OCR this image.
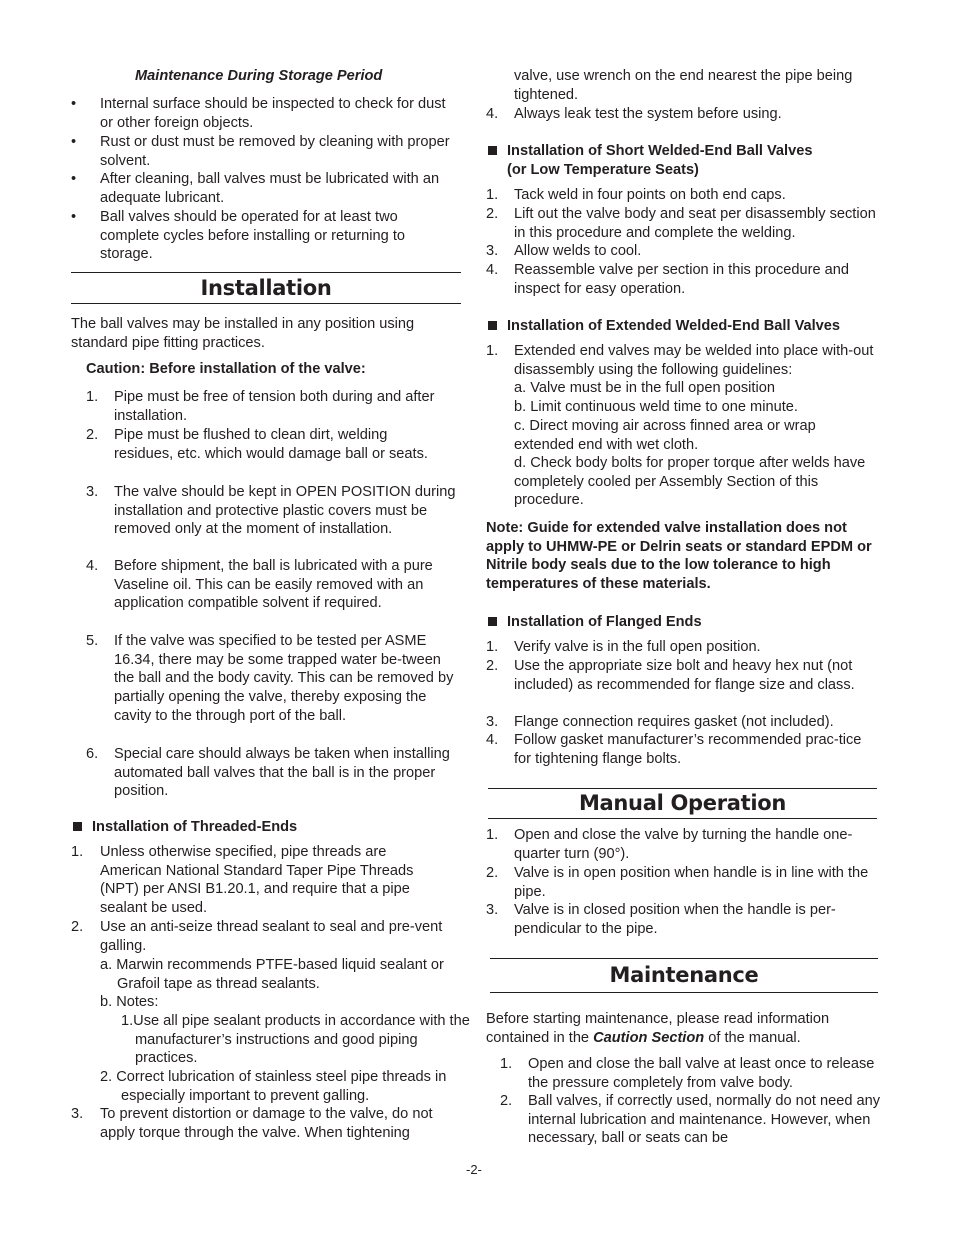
Maintenance During Storage Period
•	Internal surface should be inspected to check for dust or other foreign objects.
•	Rust or dust must be removed by cleaning with proper solvent.
•	After cleaning, ball valves must be lubricated with an adequate lubricant.
•	Ball valves should be operated for at least two complete cycles before installing or returning to storage.
Installation

The ball valves may be installed in any position using standard pipe fitting practices.

Caution: Before installation of the valve:

1.	Pipe must be free of tension both during and after installation.
2.	Pipe must be flushed to clean dirt, welding residues, etc. which would damage ball or seats.
3.	The valve should be kept in OPEN POSITION during installation and protective plastic covers must be removed only at the moment of installation.
4.	Before shipment, the ball is lubricated with a pure Vaseline oil. This can be easily removed with an application compatible solvent if required.
5.	If the valve was specified to be tested per ASME 16.34, there may be some trapped water be-tween the ball and the body cavity. This can be removed by partially opening the valve, thereby exposing the cavity to the through port of the ball.
6.	Special care should always be taken when installing automated ball valves that the ball is in the proper position.
Installation of Threaded-Ends
1.	Unless otherwise specified, pipe threads are American National Standard Taper Pipe Threads (NPT) per ANSI B1.20.1, and require that a pipe sealant be used.
2.	Use an anti-seize thread sealant to seal and pre-vent galling.

a. Marwin recommends PTFE-based liquid sealant or Grafoil tape as thread sealants.

b. Notes:

1.Use all pipe sealant products in accordance with the manufacturer’s instructions and good piping practices.

2. Correct lubrication of stainless steel pipe threads in especially important to prevent galling.

3.	To prevent distortion or damage to the valve, do not apply torque through the valve. When tightening

valve, use wrench on the end nearest the pipe being tightened.

4.	Always leak test the system before using.
Installation of Short Welded-End Ball Valves
(or Low Temperature Seats)
1.	Tack weld in four points on both end caps.
2.	Lift out the valve body and seat per disassembly section in this procedure and complete the welding.
3.	Allow welds to cool.
4.	Reassemble valve per section in this procedure and inspect for easy operation.
Installation of Extended Welded-End Ball Valves
1.	Extended end valves may be welded into place with-out disassembly using the following guidelines:

a. Valve must be in the full open position

b. Limit continuous weld time to one minute.

c. Direct moving air across finned area or wrap extended end with wet cloth.

d. Check body bolts for proper torque after welds have completely cooled per Assembly Section of this procedure.

Note: Guide for extended valve installation does not apply to UHMW-PE or Delrin seats or standard EPDM or Nitrile body seals due to the low tolerance to high temperatures of these materials.

Installation of Flanged Ends
1.	Verify valve is in the full open position.
2.	Use the appropriate size bolt and heavy hex nut (not included) as recommended for flange size and class.
3.	Flange connection requires gasket (not included).
4.	Follow gasket manufacturer’s recommended prac-tice for tightening flange bolts.
Manual Operation
1.	Open and close the valve by turning the handle one-quarter turn (90°).
2.	Valve is in open position when handle is in line with the pipe.
3.	Valve is in closed position when the handle is per-pendicular to the pipe.
Maintenance

Before starting maintenance, please read information contained in the Caution Section of the manual.

1.	Open and close the ball valve at least once to release the pressure completely from valve body.
2.	Ball valves, if correctly used, normally do not need any internal lubrication and maintenance. However, when necessary, ball or seats can be
-2-
